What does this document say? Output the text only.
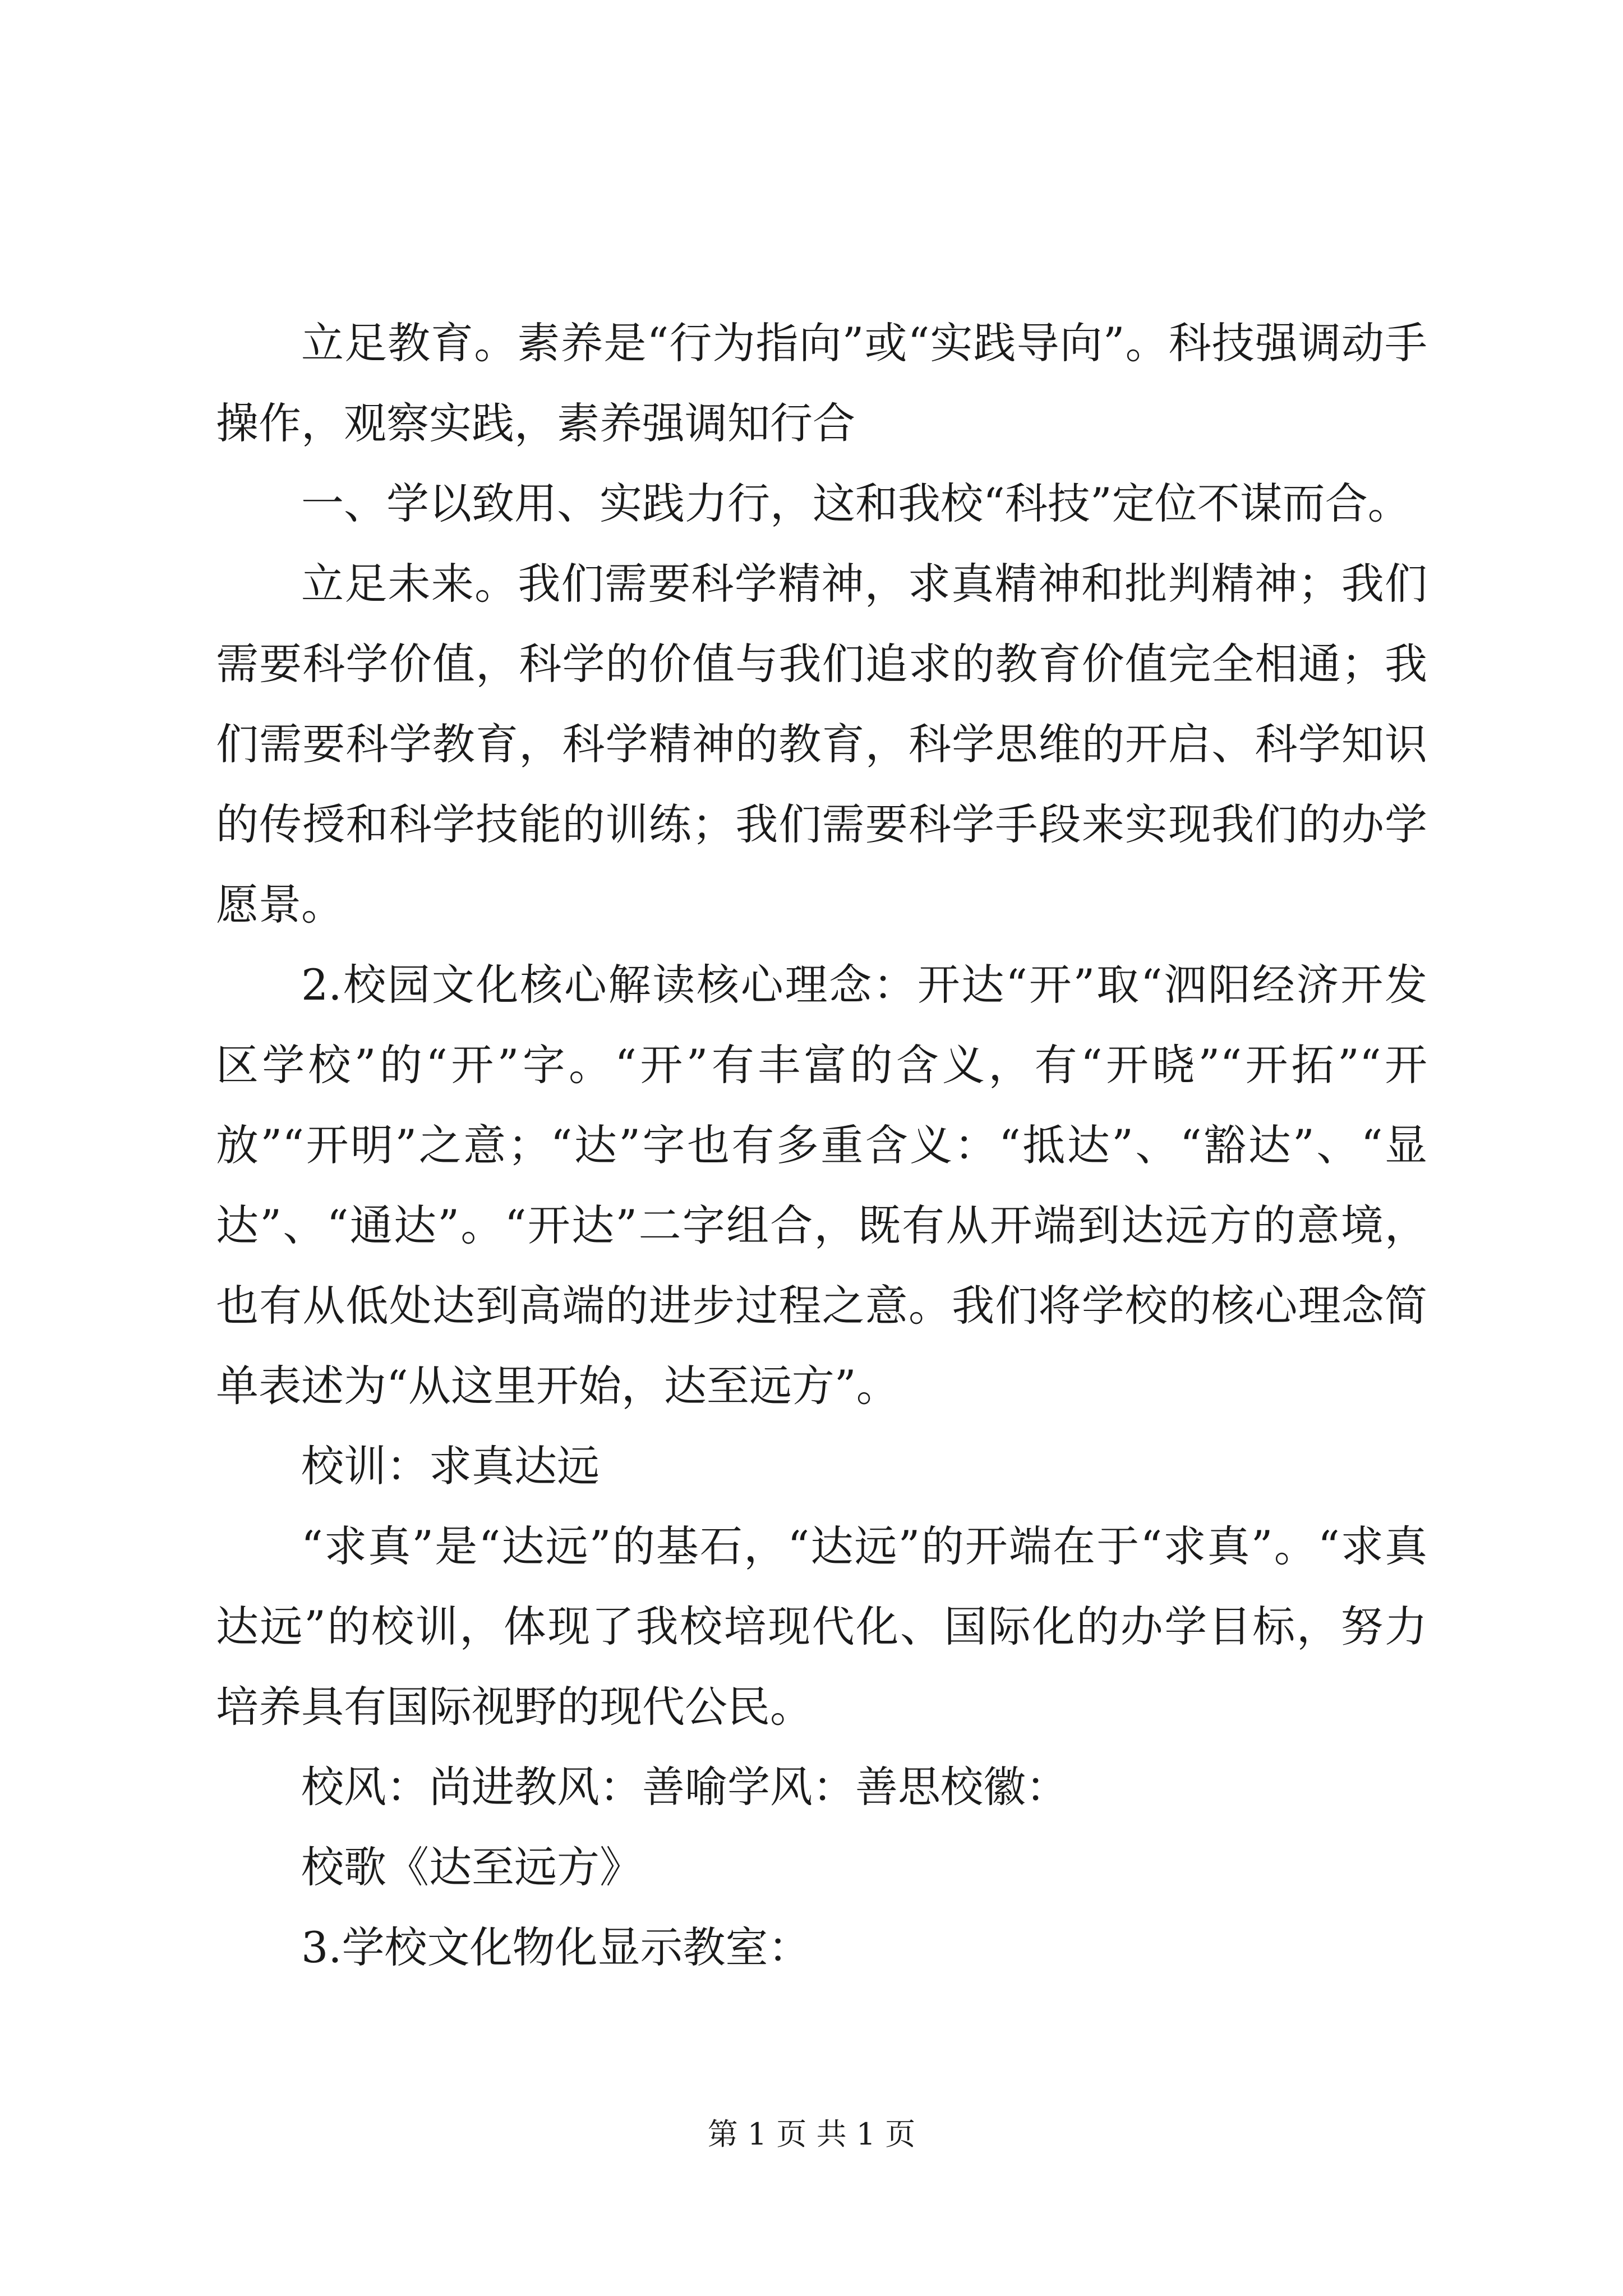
立足教育。素养是“行为指向”或“实践导向”。科技强调动手操作，观察实践，素养强调知行合

一、学以致用、实践力行，这和我校“科技”定位不谋而合。

立足未来。我们需要科学精神，求真精神和批判精神；我们需要科学价值，科学的价值与我们追求的教育价值完全相通；我们需要科学教育，科学精神的教育，科学思维的开启、科学知识的传授和科学技能的训练；我们需要科学手段来实现我们的办学愿景。

2.校园文化核心解读核心理念：开达“开”取“泗阳经济开发区学校”的“开”字。“开”有丰富的含义，有“开晓”“开拓”“开放”“开明”之意；“达”字也有多重含义：“抵达”、“豁达”、“显达”、“通达”。“开达”二字组合，既有从开端到达远方的意境，也有从低处达到高端的进步过程之意。我们将学校的核心理念简单表述为“从这里开始，达至远方”。

校训：求真达远

“求真”是“达远”的基石，“达远”的开端在于“求真”。“求真达远”的校训，体现了我校培现代化、国际化的办学目标，努力培养具有国际视野的现代公民。

校风：尚进教风：善喻学风：善思校徽：

校歌《达至远方》

3.学校文化物化显示教室：

第 1 页 共 1 页
